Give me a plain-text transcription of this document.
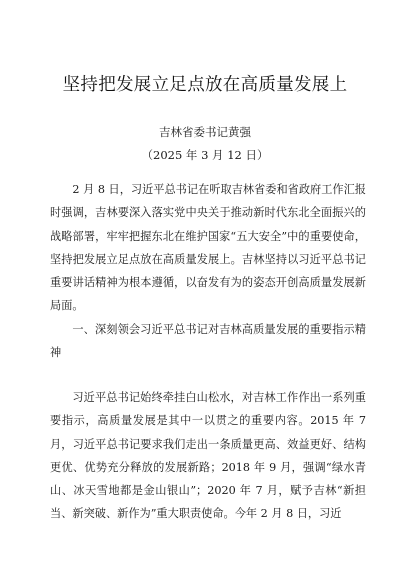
坚持把发展立足点放在高质量发展上
吉林省委书记黄强
（2025 年 3 月 12 日）

2 月 8 日，习近平总书记在听取吉林省委和省政府工作汇报时强调，吉林要深入落实党中央关于推动新时代东北全面振兴的战略部署，牢牢把握东北在维护国家“五大安全”中的重要使命，坚持把发展立足点放在高质量发展上。吉林坚持以习近平总书记重要讲话精神为根本遵循，以奋发有为的姿态开创高质量发展新局面。

一、深刻领会习近平总书记对吉林高质量发展的重要指示精神

习近平总书记始终牵挂白山松水，对吉林工作作出一系列重要指示，高质量发展是其中一以贯之的重要内容。2015 年 7 月，习近平总书记要求我们走出一条质量更高、效益更好、结构更优、优势充分释放的发展新路；2018 年 9 月，强调“绿水青山、冰天雪地都是金山银山”；2020 年 7 月，赋予吉林“新担当、新突破、新作为”重大职责使命。今年 2 月 8 日，习近
